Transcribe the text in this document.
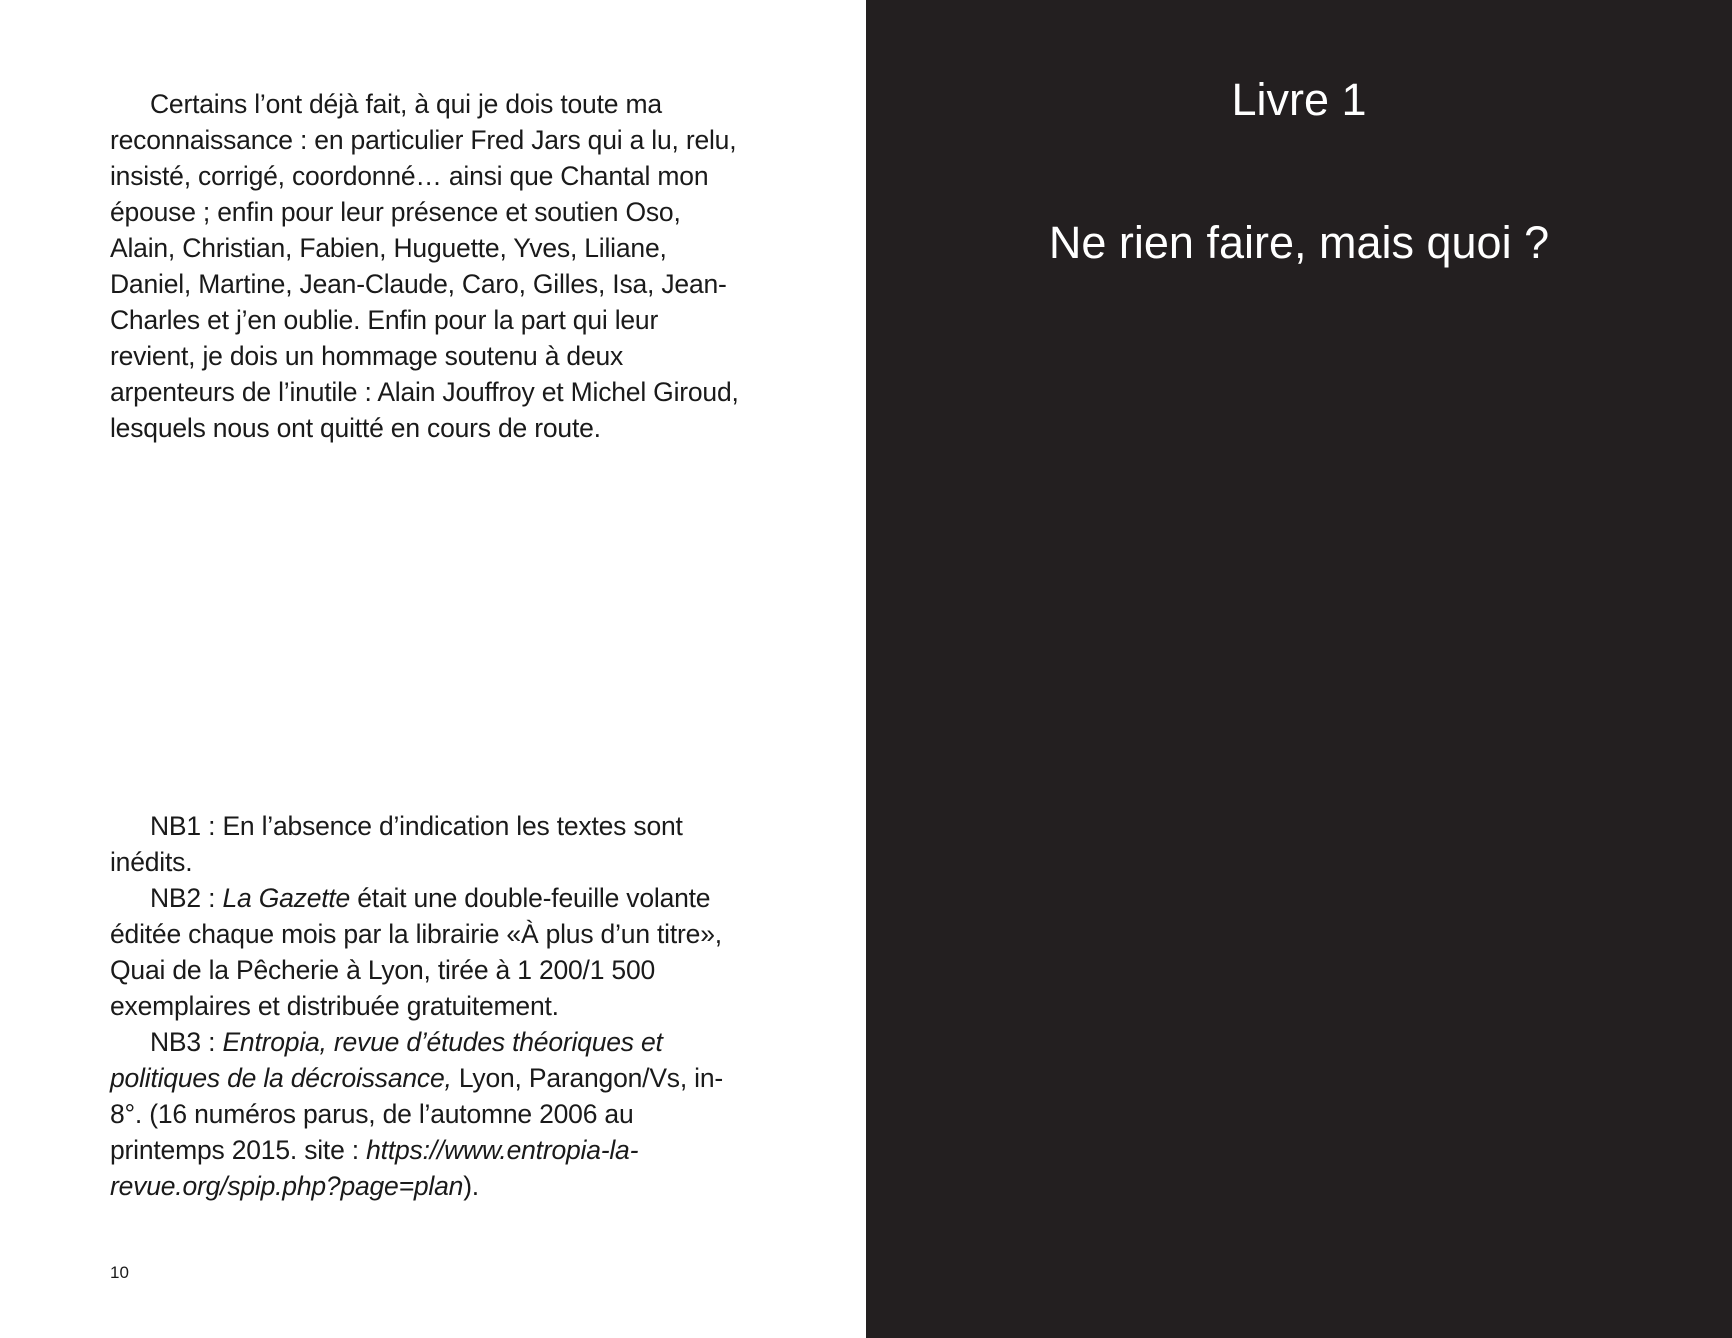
Certains l’ont déjà fait, à qui je dois toute ma reconnaissance : en particulier Fred Jars qui a lu, relu, insisté, corrigé, coordonné… ainsi que Chantal mon épouse ; enfin pour leur présence et soutien Oso, Alain, Christian, Fabien, Huguette, Yves, Liliane, Daniel, Martine, Jean-Claude, Caro, Gilles, Isa, Jean-Charles et j’en oublie. Enfin pour la part qui leur revient, je dois un hommage soutenu à deux arpenteurs de l’inutile : Alain Jouffroy et Michel Giroud, lesquels nous ont quitté en cours de route.

NB1 : En l’absence d’indication les textes sont inédits.

NB2 : La Gazette était une double-feuille volante éditée chaque mois par la librairie «À plus d’un titre», Quai de la Pêcherie à Lyon, tirée à 1 200/1 500 exemplaires et distribuée gratuitement.

NB3 : Entropia, revue d’études théoriques et politiques de la décroissance, Lyon, Parangon/Vs, in-8°. (16 numéros parus, de l’automne 2006 au printemps 2015. site : https://www.entropia-la-revue.org/spip.php?page=plan).

10
Livre 1
Ne rien faire, mais quoi ?
